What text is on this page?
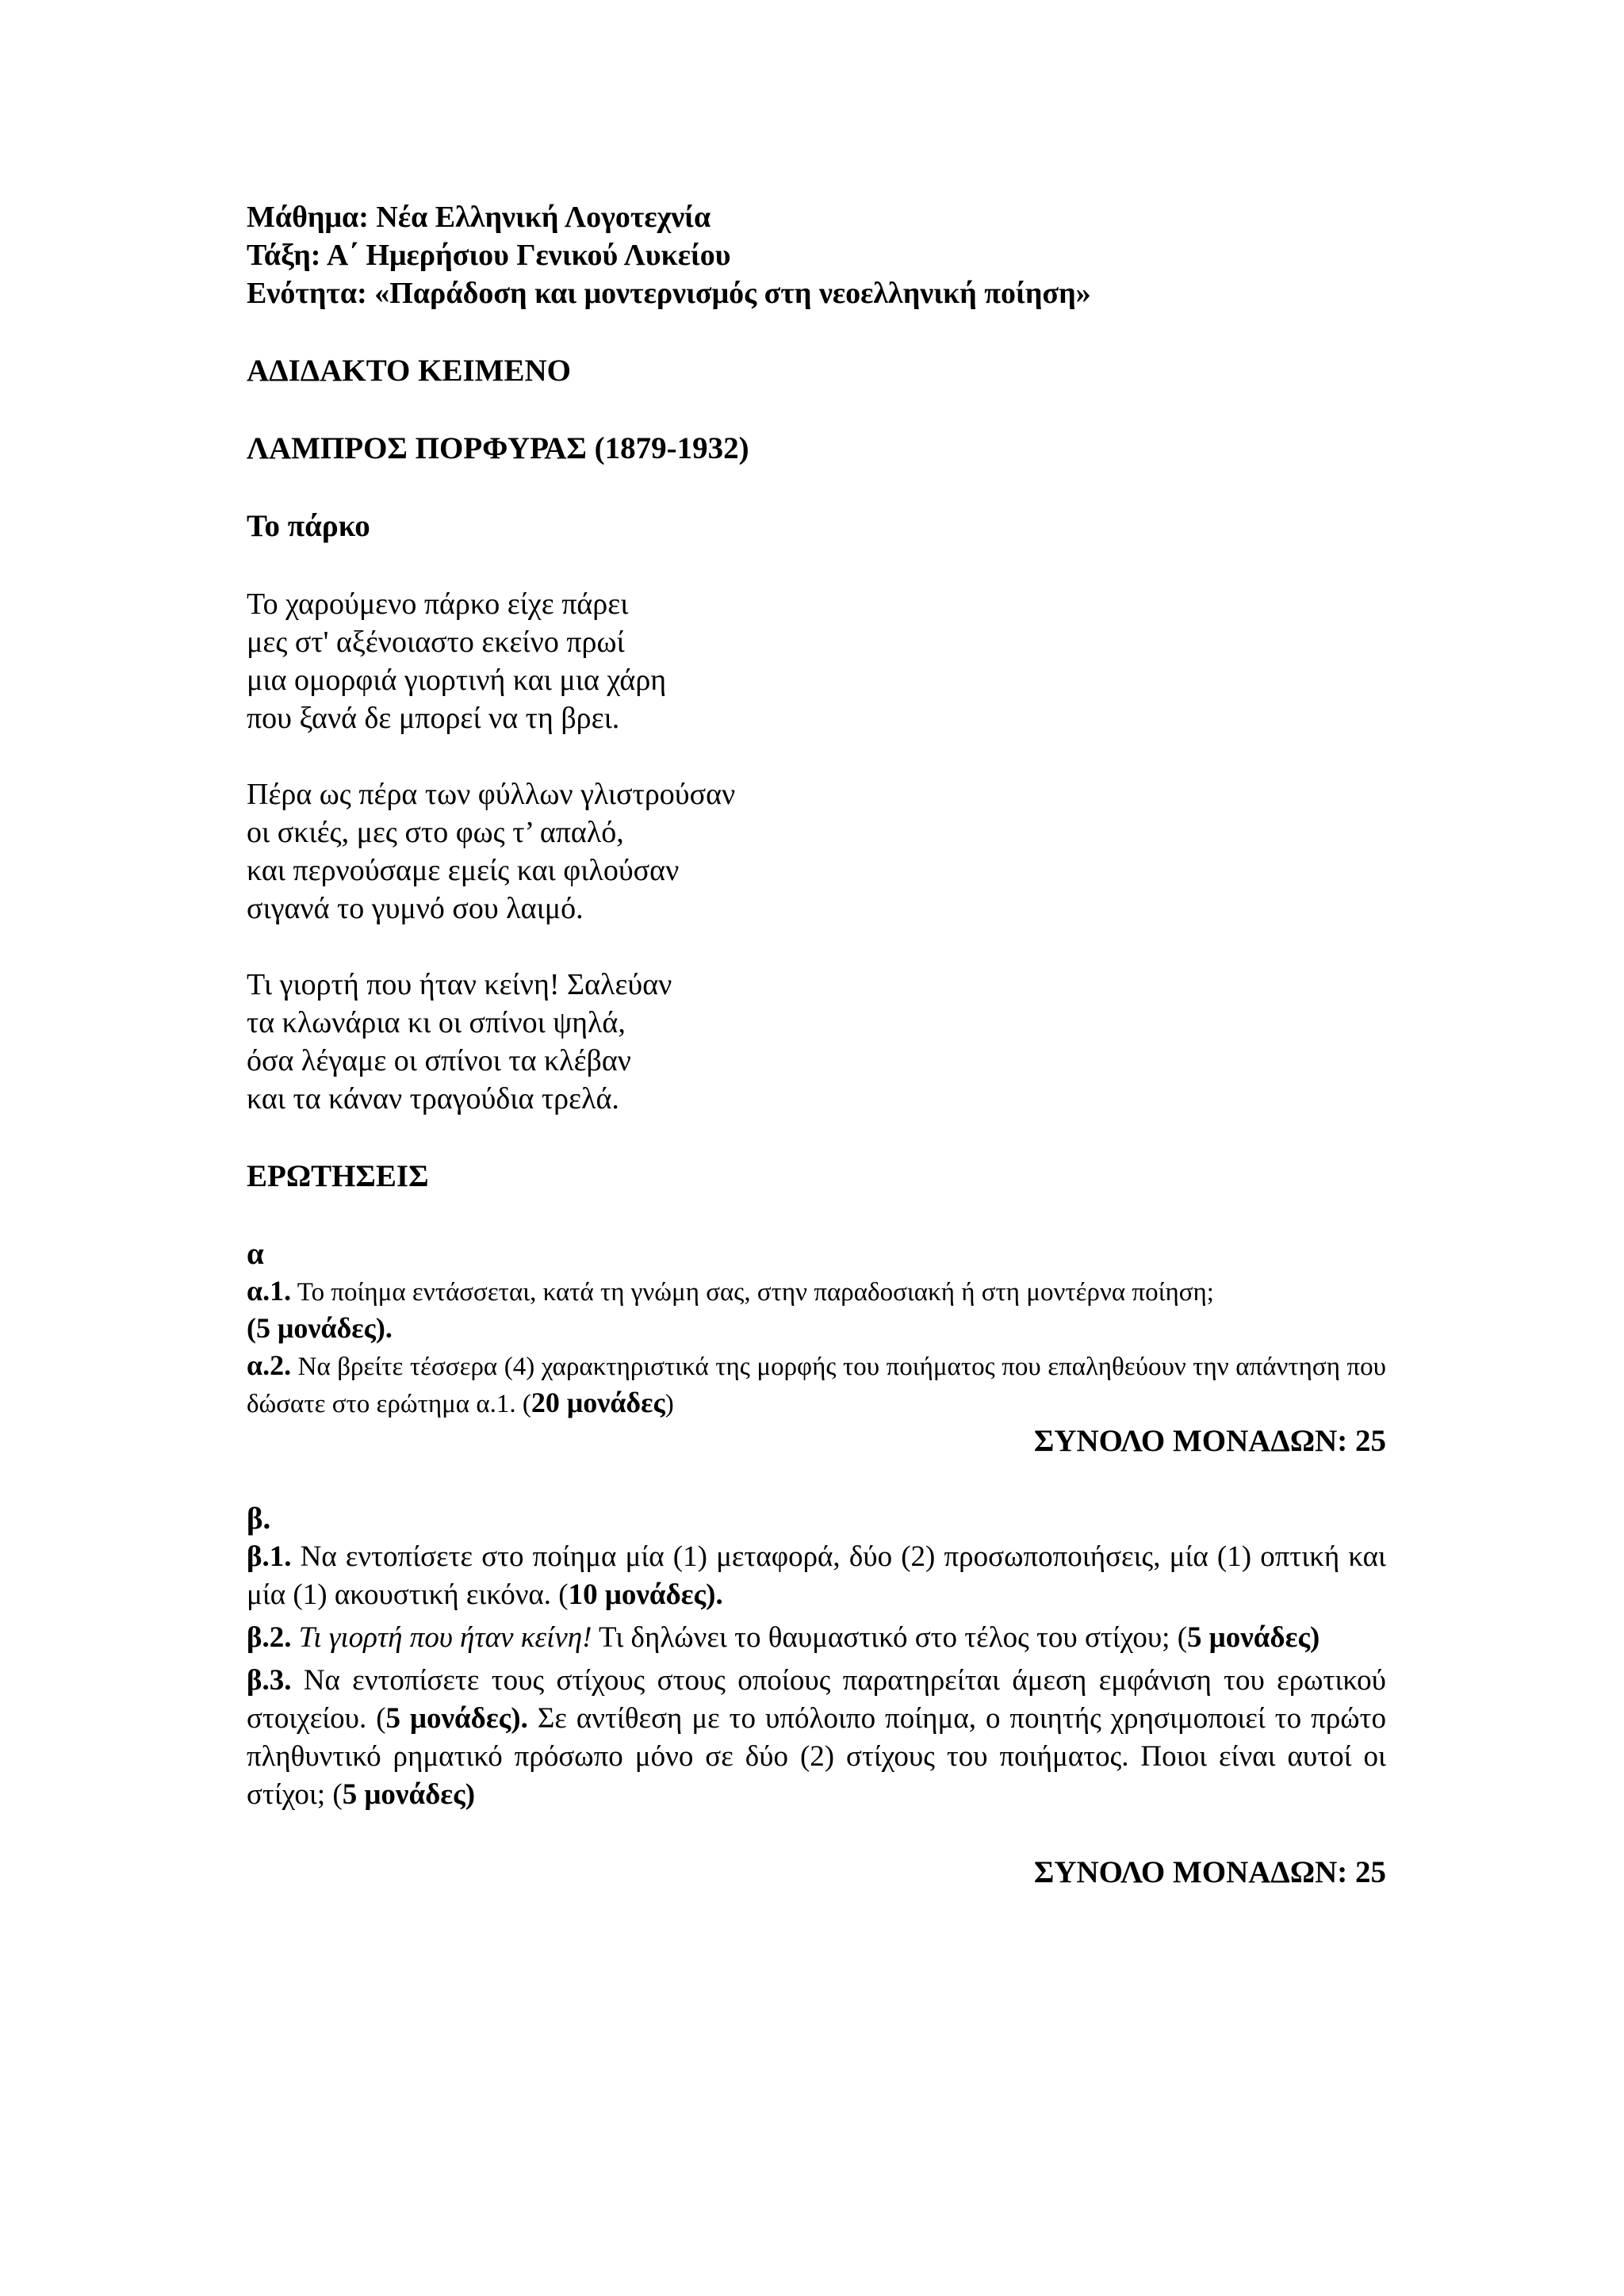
Μάθημα: Νέα Ελληνική Λογοτεχνία

Τάξη: Α΄ Ημερήσιου Γενικού Λυκείου

Ενότητα: «Παράδοση και μοντερνισμός στη νεοελληνική ποίηση»

ΑΔΙΔΑΚΤΟ ΚΕΙΜΕΝΟ

ΛΑΜΠΡΟΣ ΠΟΡΦΥΡΑΣ (1879-1932)

Το πάρκο

Το χαρούμενο πάρκο είχε πάρει

μες στ' αξένοιαστο εκείνο πρωί

μια ομορφιά γιορτινή και μια χάρη

που ξανά δε μπορεί να τη βρει.

Πέρα ως πέρα των φύλλων γλιστρούσαν

οι σκιές, μες στο φως τ’ απαλό,

και περνούσαμε εμείς και φιλούσαν

σιγανά το γυμνό σου λαιμό.

Τι γιορτή που ήταν κείνη! Σαλεύαν

τα κλωνάρια κι οι σπίνοι ψηλά,

όσα λέγαμε οι σπίνοι τα κλέβαν

και τα κάναν τραγούδια τρελά.

ΕΡΩΤΗΣΕΙΣ

α

α.1. Το ποίημα εντάσσεται, κατά τη γνώμη σας, στην παραδοσιακή ή στη μοντέρνα ποίηση;
(5 μονάδες).

α.2. Να βρείτε τέσσερα (4) χαρακτηριστικά της μορφής του ποιήματος που επαληθεύουν την απάντηση που δώσατε στο ερώτημα α.1. (20 μονάδες)

ΣΥΝΟΛΟ ΜΟΝΑΔΩΝ: 25

β.

β.1. Να εντοπίσετε στο ποίημα μία (1) μεταφορά, δύο (2) προσωποποιήσεις, μία (1) οπτική και μία (1) ακουστική εικόνα. (10 μονάδες).

β.2. Τι γιορτή που ήταν κείνη! Τι δηλώνει το θαυμαστικό στο τέλος του στίχου; (5 μονάδες)

β.3. Να εντοπίσετε τους στίχους στους οποίους παρατηρείται άμεση εμφάνιση του ερωτικού στοιχείου. (5 μονάδες). Σε αντίθεση με το υπόλοιπο ποίημα, ο ποιητής χρησιμοποιεί το πρώτο πληθυντικό ρηματικό πρόσωπο μόνο σε δύο (2) στίχους του ποιήματος. Ποιοι είναι αυτοί οι στίχοι; (5 μονάδες)

ΣΥΝΟΛΟ ΜΟΝΑΔΩΝ: 25
